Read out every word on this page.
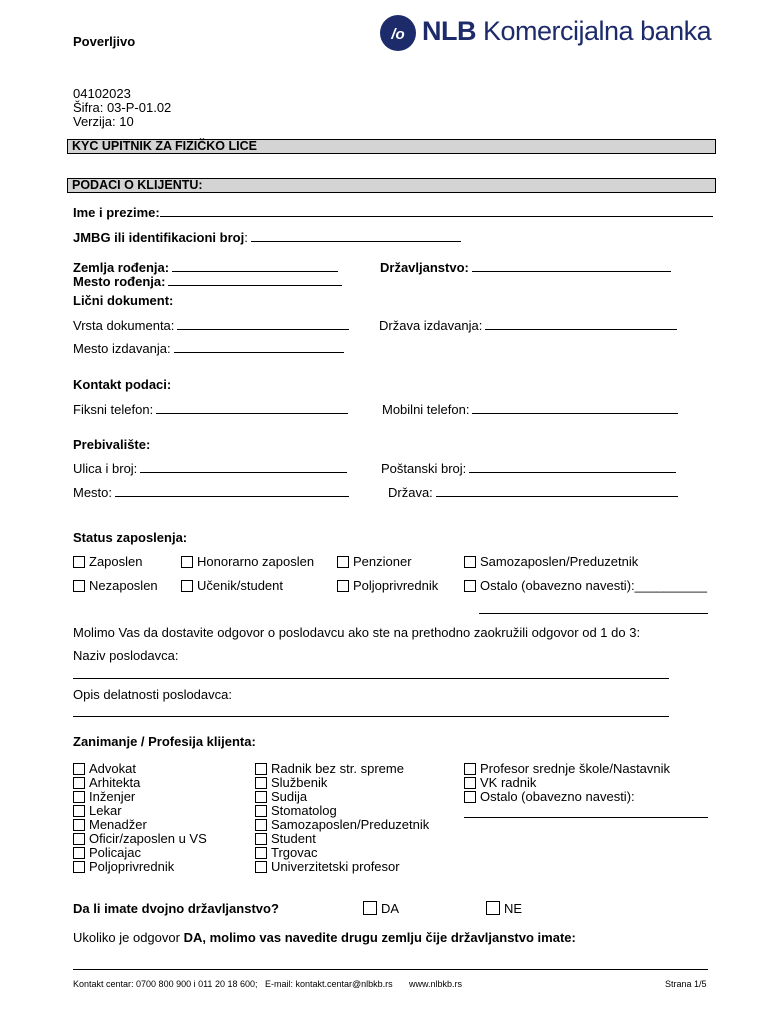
Poverljivo	/o NLB Komercijalna banka
04102023
Šifra: 03-P-01.02
Verzija: 10
KYC UPITNIK ZA FIZIČKO LICE
PODACI O KLIJENTU:
Ime i prezime:
JMBG ili identifikacioni broj:
Zemlja rođenja:	Državljanstvo:
Mesto rođenja:
Lični dokument:
Vrsta dokumenta:	Država izdavanja:
Mesto izdavanja:
Kontakt podaci:
Fiksni telefon:	Mobilni telefon:
Prebivalište:
Ulica i broj:	Poštanski broj:
Mesto:	Država:
Status zaposlenja:
Zaposlen	Honorarno zaposlen	Penzioner	Samozaposlen/Preduzetnik
Nezaposlen	Učenik/student	Poljoprivrednik	Ostalo (obavezno navesti):__________
Molimo Vas da dostavite odgovor o poslodavcu ako ste na prethodno zaokružili odgovor od 1 do 3:
Naziv poslodavca:
Opis delatnosti poslodavca:
Zanimanje / Profesija klijenta:
Advokat
Arhitekta
Inženjer
Lekar
Menadžer
Oficir/zaposlen u VS
Policajac
Poljoprivrednik
Radnik bez str. spreme
Službenik
Sudija
Stomatolog
Samozaposlen/Preduzetnik
Student
Trgovac
Univerzitetski profesor
Profesor srednje škole/Nastavnik
VK radnik
Ostalo (obavezno navesti):
Da li imate dvojno državljanstvo?	DA	NE
Ukoliko je odgovor DA, molimo vas navedite drugu zemlju čije državljanstvo imate:
Kontakt centar: 0700 800 900 i 011 20 18 600; E-mail: kontakt.centar@nlbkb.rs www.nlbkb.rs	Strana 1/5
